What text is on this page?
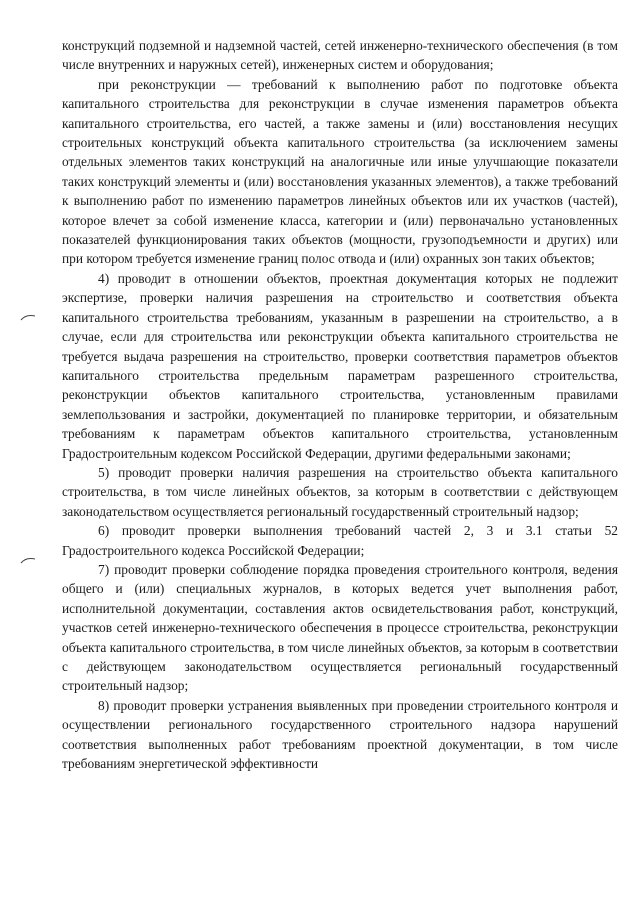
конструкций подземной и надземной частей, сетей инженерно-технического обеспечения (в том числе внутренних и наружных сетей), инженерных систем и оборудования;

при реконструкции — требований к выполнению работ по подготовке объекта капитального строительства для реконструкции в случае изменения параметров объекта капитального строительства, его частей, а также замены и (или) восстановления несущих строительных конструкций объекта капитального строительства (за исключением замены отдельных элементов таких конструкций на аналогичные или иные улучшающие показатели таких конструкций элементы и (или) восстановления указанных элементов), а также требований к выполнению работ по изменению параметров линейных объектов или их участков (частей), которое влечет за собой изменение класса, категории и (или) первоначально установленных показателей функционирования таких объектов (мощности, грузоподъемности и других) или при котором требуется изменение границ полос отвода и (или) охранных зон таких объектов;

4) проводит в отношении объектов, проектная документация которых не подлежит экспертизе, проверки наличия разрешения на строительство и соответствия объекта капитального строительства требованиям, указанным в разрешении на строительство, а в случае, если для строительства или реконструкции объекта капитального строительства не требуется выдача разрешения на строительство, проверки соответствия параметров объектов капитального строительства предельным параметрам разрешенного строительства, реконструкции объектов капитального строительства, установленным правилами землепользования и застройки, документацией по планировке территории, и обязательным требованиям к параметрам объектов капитального строительства, установленным Градостроительным кодексом Российской Федерации, другими федеральными законами;

5) проводит проверки наличия разрешения на строительство объекта капитального строительства, в том числе линейных объектов, за которым в соответствии с действующем законодательством осуществляется региональный государственный строительный надзор;

6) проводит проверки выполнения требований частей 2, 3 и 3.1 статьи 52 Градостроительного кодекса Российской Федерации;

7) проводит проверки соблюдение порядка проведения строительного контроля, ведения общего и (или) специальных журналов, в которых ведется учет выполнения работ, исполнительной документации, составления актов освидетельствования работ, конструкций, участков сетей инженерно-технического обеспечения в процессе строительства, реконструкции объекта капитального строительства, в том числе линейных объектов, за которым в соответствии с действующем законодательством осуществляется региональный государственный строительный надзор;

8) проводит проверки устранения выявленных при проведении строительного контроля и осуществлении регионального государственного строительного надзора нарушений соответствия выполненных работ требованиям проектной документации, в том числе требованиям энергетической эффективности
